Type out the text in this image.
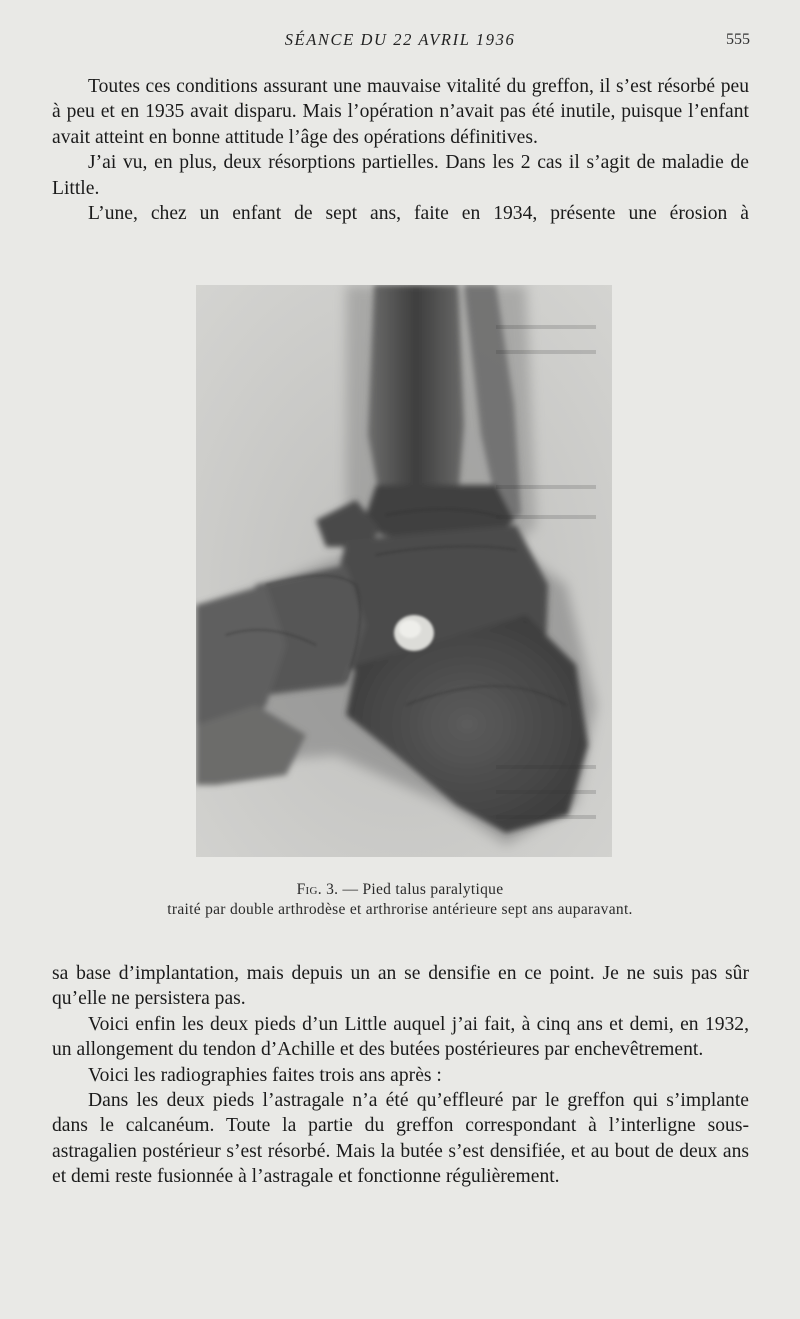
SÉANCE DU 22 AVRIL 1936	555

Toutes ces conditions assurant une mauvaise vitalité du greffon, il s’est résorbé peu à peu et en 1935 avait disparu. Mais l’opération n’avait pas été inutile, puisque l’enfant avait atteint en bonne attitude l’âge des opérations définitives.

J’ai vu, en plus, deux résorptions partielles. Dans les 2 cas il s’agit de maladie de Little.

L’une, chez un enfant de sept ans, faite en 1934, présente une érosion à

Fig. 3. — Pied talus paralytique
traité par double arthrodèse et arthrorise antérieure sept ans auparavant.

sa base d’implantation, mais depuis un an se densifie en ce point. Je ne suis pas sûr qu’elle ne persistera pas.

Voici enfin les deux pieds d’un Little auquel j’ai fait, à cinq ans et demi, en 1932, un allongement du tendon d’Achille et des butées postérieures par enchevêtrement.

Voici les radiographies faites trois ans après :

Dans les deux pieds l’astragale n’a été qu’effleuré par le greffon qui s’implante dans le calcanéum. Toute la partie du greffon correspondant à l’interligne sous-astragalien postérieur s’est résorbé. Mais la butée s’est densifiée, et au bout de deux ans et demi reste fusionnée à l’astragale et fonctionne régulièrement.
